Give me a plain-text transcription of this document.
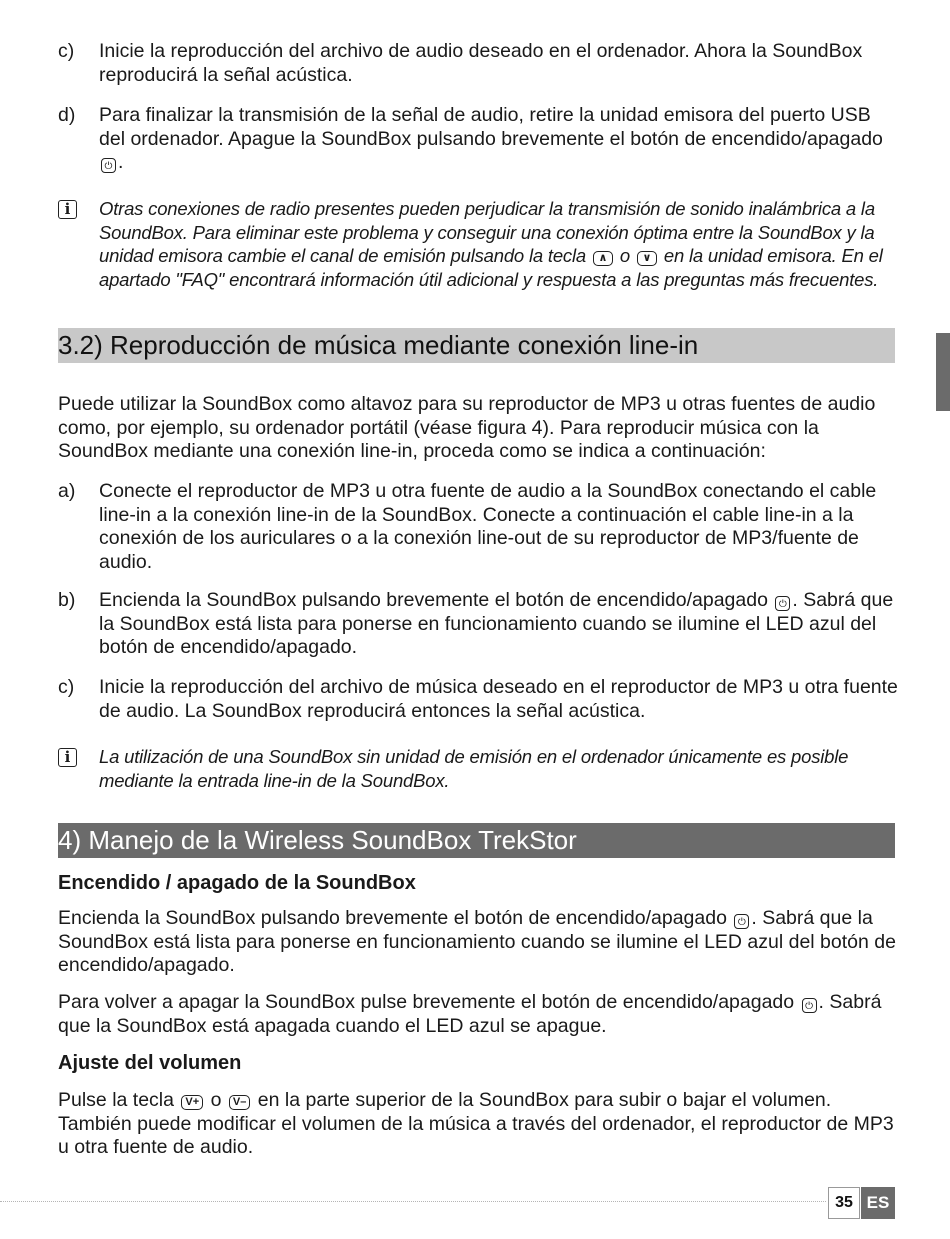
c)	Inicie la reproducción del archivo de audio deseado en el ordenador. Ahora la SoundBox reproducirá la señal acústica.
d)	Para finalizar la transmisión de la señal de audio, retire la unidad emisora del puerto USB del ordenador. Apague la SoundBox pulsando brevemente el botón de encendido/apagado ⏻ .
i	Otras conexiones de radio presentes pueden perjudicar la transmisión de sonido inalámbrica a la SoundBox. Para eliminar este problema y conseguir una conexión óptima entre la SoundBox y la unidad emisora cambie el canal de emisión pulsando la tecla ∧ o ∨ en la unidad emisora. En el apartado "FAQ" encontrará información útil adicional y respuesta a las preguntas más frecuentes.
3.2) Reproducción de música mediante conexión line-in
Puede utilizar la SoundBox como altavoz para su reproductor de MP3 u otras fuentes de audio como, por ejemplo, su ordenador portátil (véase figura 4). Para reproducir música con la SoundBox mediante una conexión line-in, proceda como se indica a continuación:
a)	Conecte el reproductor de MP3 u otra fuente de audio a la SoundBox conectando el cable line-in a la conexión line-in de la SoundBox. Conecte a continuación el cable line-in a la conexión de los auriculares o a la conexión line-out de su reproductor de MP3/fuente de audio.
b)	Encienda la SoundBox pulsando brevemente el botón de encendido/apagado ⏻ . Sabrá que la SoundBox está lista para ponerse en funcionamiento cuando se ilumine el LED azul del botón de encendido/apagado.
c)	Inicie la reproducción del archivo de música deseado en el reproductor de MP3 u otra fuente de audio. La SoundBox reproducirá entonces la señal acústica.
i	La utilización de una SoundBox sin unidad de emisión en el ordenador únicamente es posible mediante la entrada line-in de la SoundBox.
4) Manejo de la Wireless SoundBox TrekStor
Encendido / apagado de la SoundBox
Encienda la SoundBox pulsando brevemente el botón de encendido/apagado ⏻ . Sabrá que la SoundBox está lista para ponerse en funcionamiento cuando se ilumine el LED azul del botón de encendido/apagado.
Para volver a apagar la SoundBox pulse brevemente el botón de encendido/apagado ⏻ . Sabrá que la SoundBox está apagada cuando el LED azul se apague.
Ajuste del volumen
Pulse la tecla V+ o V– en la parte superior de la SoundBox para subir o bajar el volumen. También puede modificar el volumen de la música a través del ordenador, el reproductor de MP3 u otra fuente de audio.
35 ES
